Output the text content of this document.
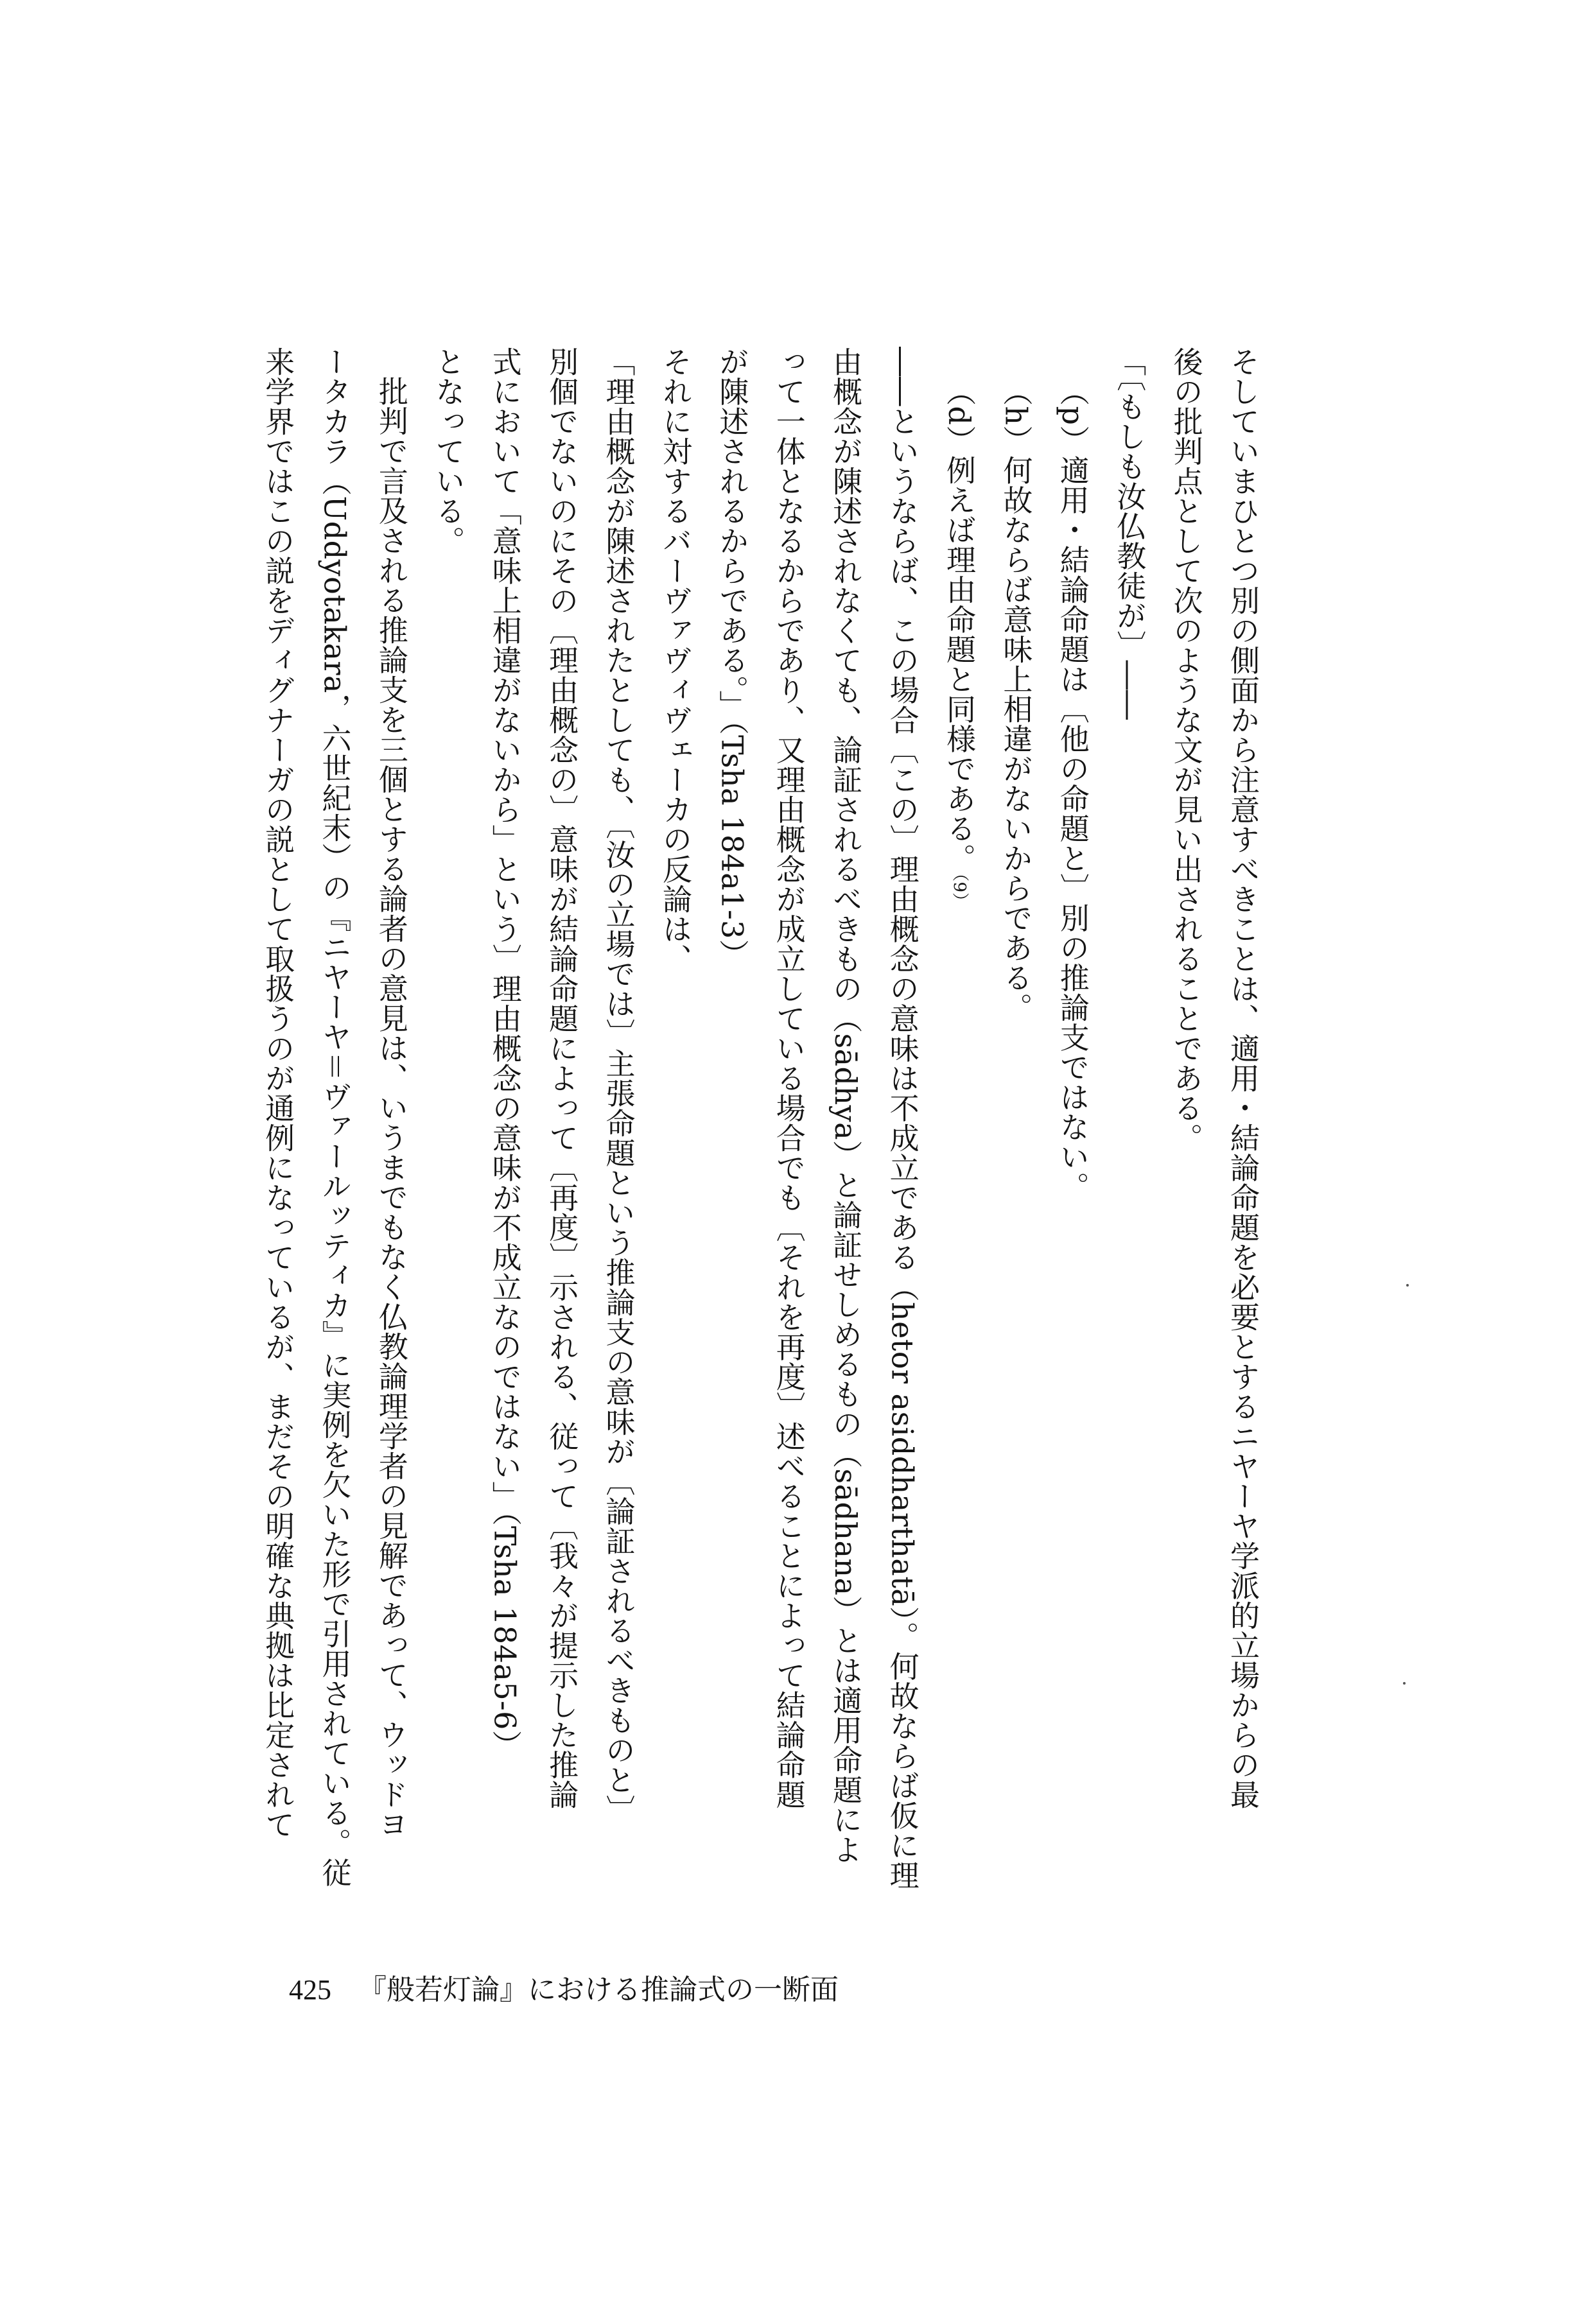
そしていまひとつ別の側面から注意すべきことは、適用・結論命題を必要とするニヤーヤ学派的立場からの最
後の批判点として次のような文が見い出されることである。
「〔もしも汝仏教徒が〕――
（p）適用・結論命題は〔他の命題と〕別の推論支ではない。
（h）何故ならば意味上相違がないからである。
（d）例えば理由命題と同様である。（9）
――というならば、この場合〔この〕理由概念の意味は不成立である（hetor asiddharthatā）。何故ならば仮に理
由概念が陳述されなくても、論証されるべきもの（sādhya）と論証せしめるもの（sādhana）とは適用命題によ
って一体となるからであり、又理由概念が成立している場合でも〔それを再度〕述べることによって結論命題
が陳述されるからである。」（Tsha 184a1-3）
それに対するバーヴァヴィヴェーカの反論は、
「理由概念が陳述されたとしても、〔汝の立場では〕主張命題という推論支の意味が〔論証されるべきものと〕
別個でないのにその〔理由概念の〕意味が結論命題によって〔再度〕示される、従って〔我々が提示した推論
式において「意味上相違がないから」という〕理由概念の意味が不成立なのではない」（Tsha 184a5-6）
となっている。
批判で言及される推論支を三個とする論者の意見は、いうまでもなく仏教論理学者の見解であって、ウッドヨ
ータカラ（Uddyotakara，六世紀末）の『ニヤーヤ＝ヴァールッティカ』に実例を欠いた形で引用されている。従
来学界ではこの説をディグナーガの説として取扱うのが通例になっているが、まだその明確な典拠は比定されて
425 『般若灯論』における推論式の一断面
